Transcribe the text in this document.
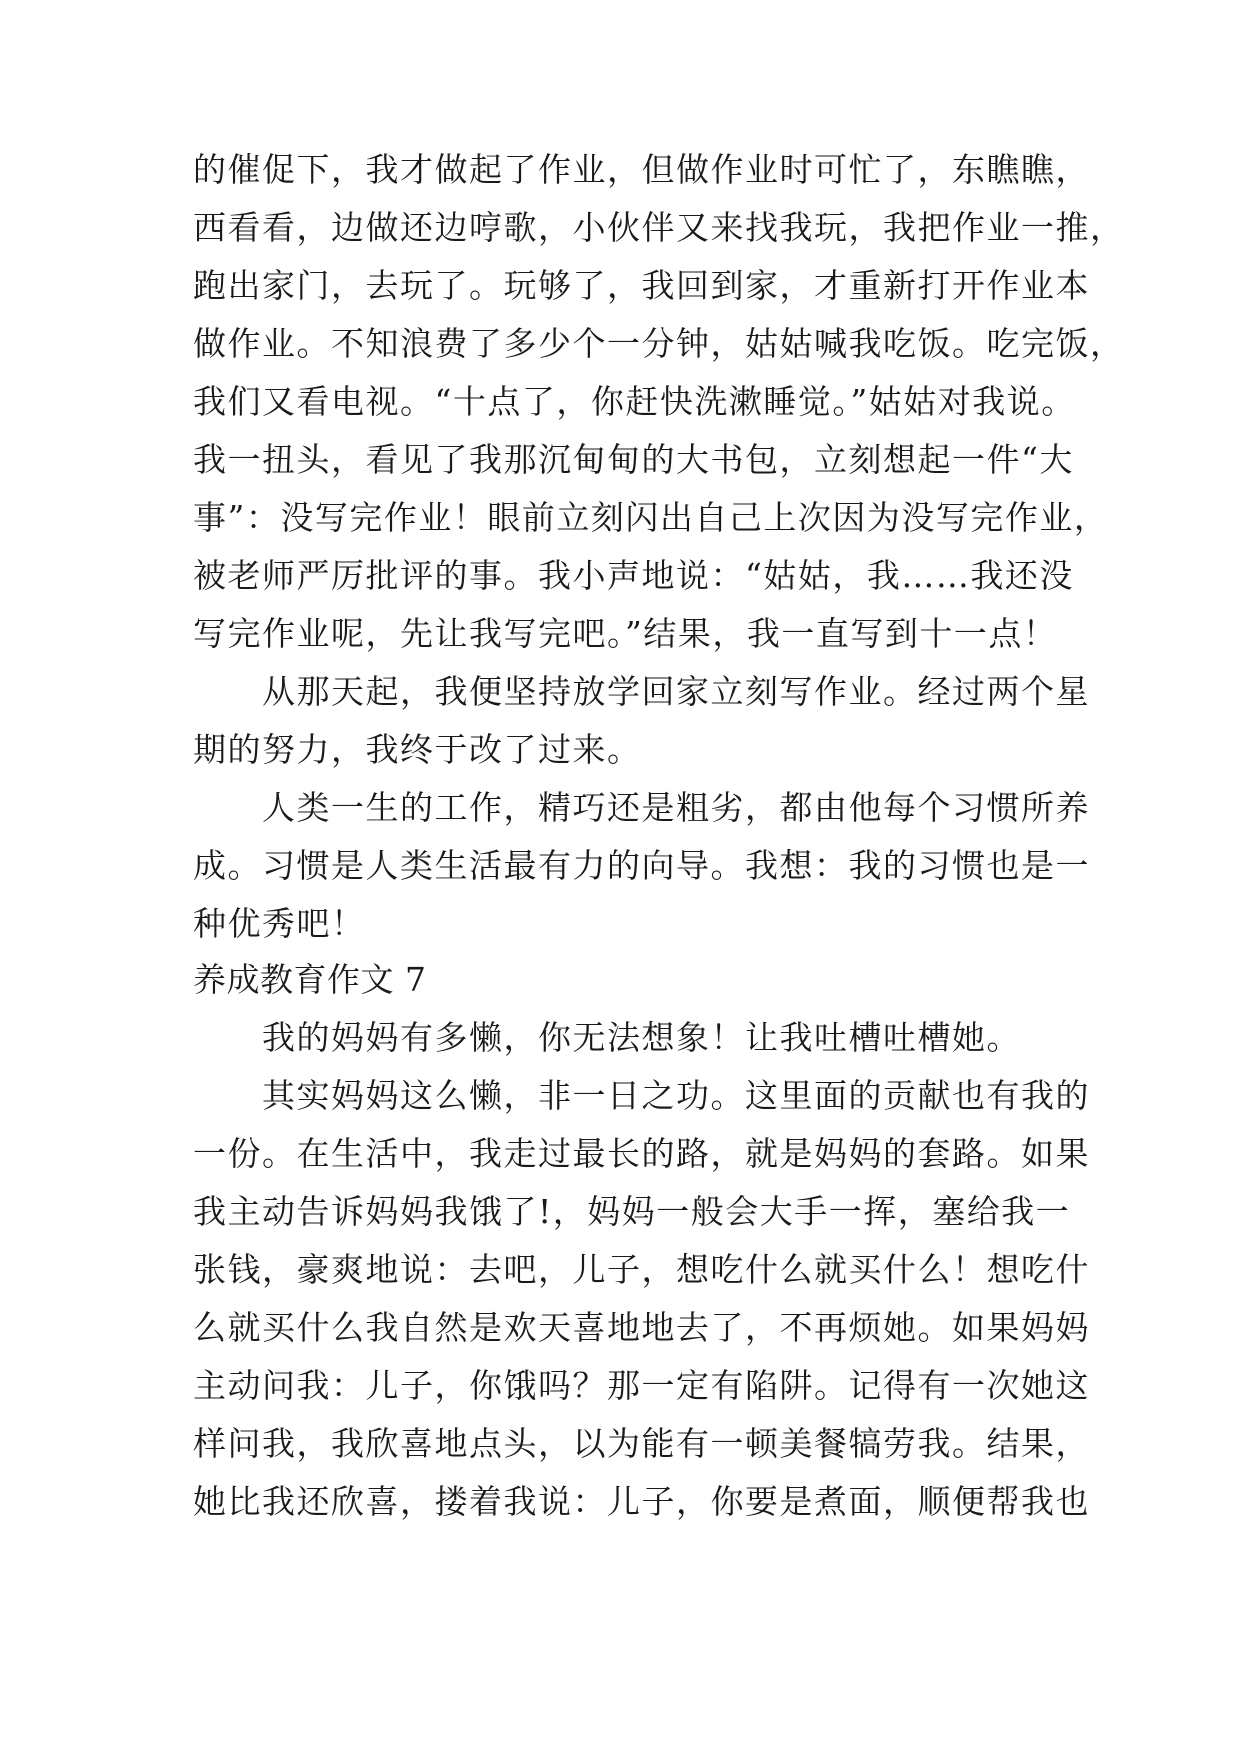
的催促下，我才做起了作业，但做作业时可忙了，东瞧瞧，
西看看，边做还边哼歌，小伙伴又来找我玩，我把作业一推，
跑出家门，去玩了。玩够了，我回到家，才重新打开作业本
做作业。不知浪费了多少个一分钟，姑姑喊我吃饭。吃完饭，
我们又看电视。“十点了，你赶快洗漱睡觉。”姑姑对我说。
我一扭头，看见了我那沉甸甸的大书包，立刻想起一件“大
事”：没写完作业！眼前立刻闪出自己上次因为没写完作业，
被老师严厉批评的事。我小声地说：“姑姑，我……我还没
写完作业呢，先让我写完吧。”结果，我一直写到十一点！
　　从那天起，我便坚持放学回家立刻写作业。经过两个星
期的努力，我终于改了过来。
　　人类一生的工作，精巧还是粗劣，都由他每个习惯所养
成。习惯是人类生活最有力的向导。我想：我的习惯也是一
种优秀吧！
养成教育作文 7
　　我的妈妈有多懒，你无法想象！让我吐槽吐槽她。
　　其实妈妈这么懒，非一日之功。这里面的贡献也有我的
一份。在生活中，我走过最长的路，就是妈妈的套路。如果
我主动告诉妈妈我饿了!，妈妈一般会大手一挥，塞给我一
张钱，豪爽地说：去吧，儿子，想吃什么就买什么！想吃什
么就买什么我自然是欢天喜地地去了，不再烦她。如果妈妈
主动问我：儿子，你饿吗？那一定有陷阱。记得有一次她这
样问我，我欣喜地点头，以为能有一顿美餐犒劳我。结果，
她比我还欣喜，搂着我说：儿子，你要是煮面，顺便帮我也
